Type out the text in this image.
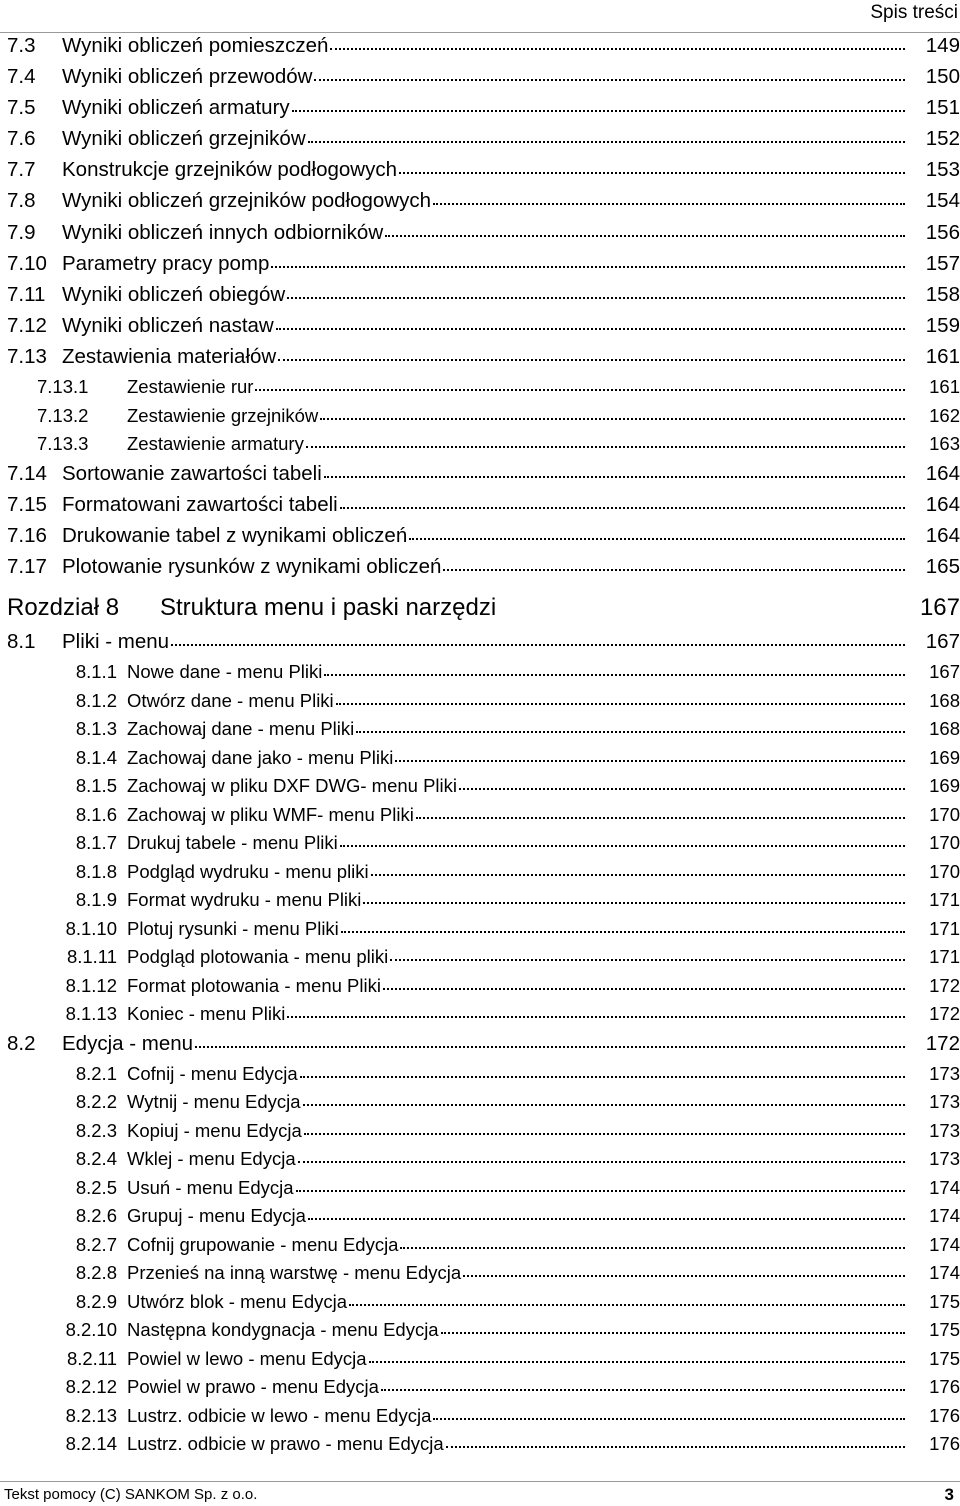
Spis treści
7.3	Wyniki obliczeń pomieszczeń	149
7.4	Wyniki obliczeń przewodów	150
7.5	Wyniki obliczeń armatury	151
7.6	Wyniki obliczeń grzejników	152
7.7	Konstrukcje grzejników podłogowych	153
7.8	Wyniki obliczeń grzejników podłogowych	154
7.9	Wyniki obliczeń innych odbiorników	156
7.10 Parametry pracy pomp	157
7.11 Wyniki obliczeń obiegów	158
7.12 Wyniki obliczeń nastaw	159
7.13 Zestawienia materiałów	161
7.13.1	Zestawienie rur	161
7.13.2	Zestawienie grzejników	162
7.13.3	Zestawienie armatury	163
7.14 Sortowanie zawartości tabeli	164
7.15 Formatowani zawartości tabeli	164
7.16 Drukowanie tabel z wynikami obliczeń	164
7.17 Plotowanie rysunków z wynikami obliczeń	165
Rozdział 8	Struktura menu i paski narzędzi	167
8.1	Pliki - menu	167
8.1.1 Nowe dane - menu Pliki	167
8.1.2 Otwórz dane - menu Pliki	168
8.1.3 Zachowaj dane - menu Pliki	168
8.1.4 Zachowaj dane jako - menu Pliki	169
8.1.5 Zachowaj w pliku DXF DWG- menu Pliki	169
8.1.6 Zachowaj w pliku WMF- menu Pliki	170
8.1.7 Drukuj tabele - menu Pliki	170
8.1.8 Podgląd wydruku - menu pliki	170
8.1.9 Format wydruku - menu Pliki	171
8.1.10 Plotuj rysunki - menu Pliki	171
8.1.11 Podgląd plotowania - menu pliki	171
8.1.12 Format plotowania - menu Pliki	172
8.1.13 Koniec - menu Pliki	172
8.2	Edycja - menu	172
8.2.1 Cofnij - menu Edycja	173
8.2.2 Wytnij - menu Edycja	173
8.2.3 Kopiuj - menu Edycja	173
8.2.4 Wklej - menu Edycja	173
8.2.5 Usuń - menu Edycja	174
8.2.6 Grupuj - menu Edycja	174
8.2.7 Cofnij grupowanie - menu Edycja	174
8.2.8 Przenieś na inną warstwę - menu Edycja	174
8.2.9 Utwórz blok - menu Edycja	175
8.2.10 Następna kondygnacja - menu Edycja	175
8.2.11 Powiel w lewo - menu Edycja	175
8.2.12 Powiel w prawo - menu Edycja	176
8.2.13 Lustrz. odbicie w lewo - menu Edycja	176
8.2.14 Lustrz. odbicie w prawo - menu Edycja	176
Tekst pomocy (C) SANKOM Sp. z o.o.	3
